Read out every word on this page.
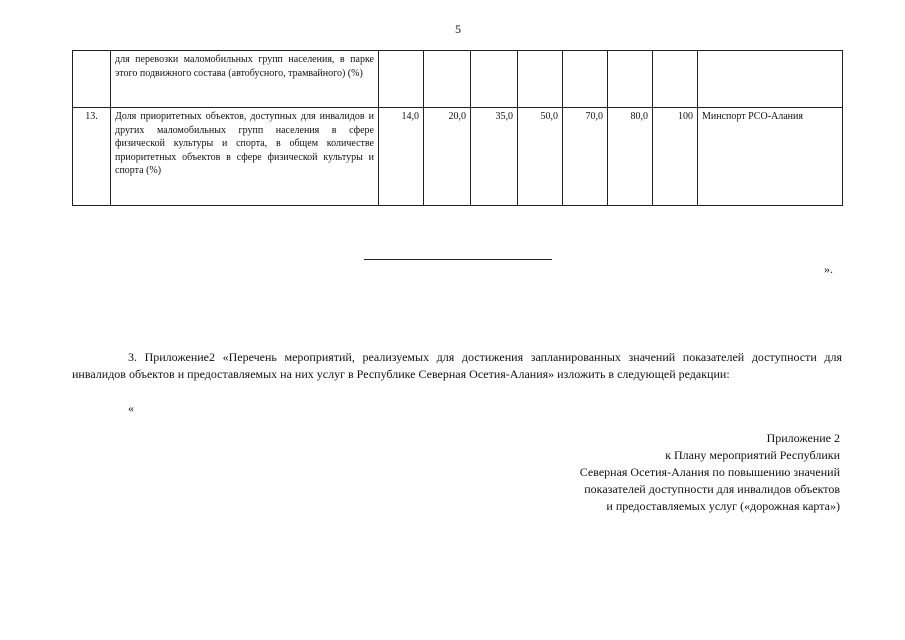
5
	для перевозки маломобильных групп населения, в парке этого подвижного состава (автобусного, трамвайного) (%)								
13.	Доля приоритетных объектов, доступных для инвалидов и других маломобильных групп населения в сфере физической культуры и спорта, в общем количестве приоритетных объектов в сфере физической культуры и спорта (%)	14,0	20,0	35,0	50,0	70,0	80,0	100	Минспорт РСО-Алания
».
3. Приложение2 «Перечень мероприятий, реализуемых для достижения запланированных значений показателей доступности для инвалидов объектов и предоставляемых на них услуг в Республике Северная Осетия-Алания» изложить в следующей редакции:
«
Приложение 2
к Плану мероприятий Республики
Северная Осетия-Алания по повышению значений
показателей доступности для инвалидов объектов
и предоставляемых услуг («дорожная карта»)
